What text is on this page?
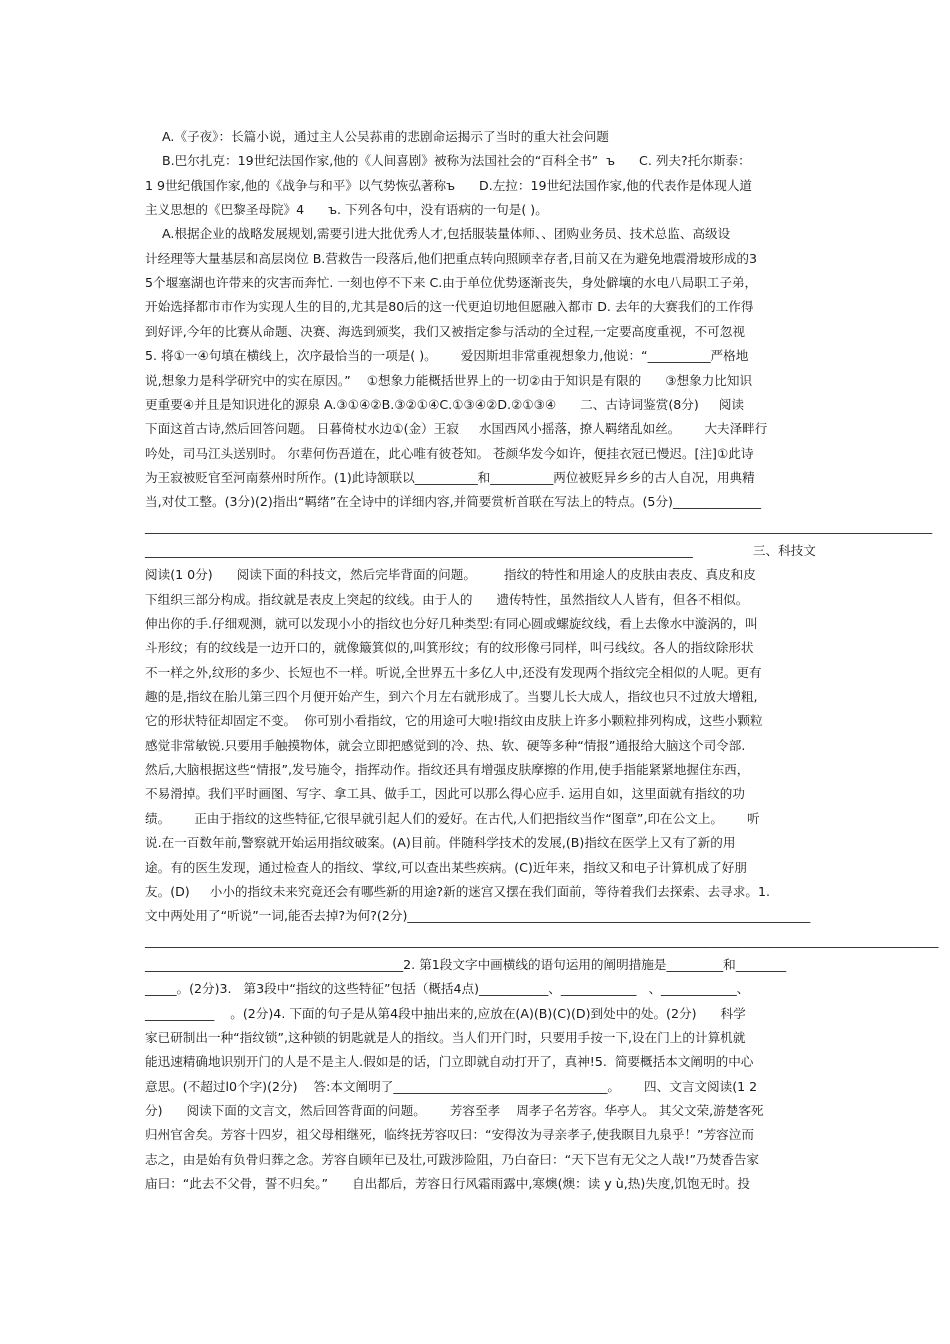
A.《子夜》：长篇小说，通过主人公吴荪甫的悲剧命运揭示了当时的重大社会问题
B.巴尔扎克：19世纪法国作家,他的《人间喜剧》被称为法国社会的“百科全书”  ъ      C. 列夫?托尔斯泰：
1 9世纪俄国作家,他的《战争与和平》以气势恢弘著称ъ      D.左拉：19世纪法国作家,他的代表作是体现人道
主义思想的《巴黎圣母院》4      ъ. 下列各句中，没有语病的一句是( )。
A.根据企业的战略发展规划,需要引进大批优秀人才,包括服装量体师、、团购业务员、技术总监、高级设
计经理等大量基层和高层岗位 B.营救告一段落后,他们把重点转向照顾幸存者,目前又在为避免地震滑坡形成的3
5个堰塞湖也许带来的灾害而奔忙. 一刻也停不下来 C.由于单位优势逐渐丧失，身处僻壤的水电八局职工子弟，
开始选择都市市作为实现人生的目的,尤其是80后的这一代更迫切地但愿融入都市 D. 去年的大赛我们的工作得
到好评,今年的比赛从命题、决赛、海选到颁奖，我们又被指定参与活动的全过程,一定要高度重视，不可忽视
5. 将①一④句填在横线上，次序最恰当的一项是( )。      爱因斯坦非常重视想象力,他说：“__________严格地
说,想象力是科学研究中的实在原因。”    ①想象力能概括世界上的一切②由于知识是有限的      ③想象力比知识
更重要④并且是知识进化的源泉 A.③①④②B.③②①④C.①③④②D.②①③④      二、古诗词鉴赏(8分)     阅读
下面这首古诗,然后回答问题。 日暮倚杖水边①(金）王寂     水国西风小摇落，撩人羁绪乱如丝。      大夫泽畔行
吟处，司马江头送别时。 尔辈何伤吾道在，此心唯有彼苍知。 苍颜华发今如许，便挂衣冠已慢迟。[注]①此诗
为王寂被贬官至河南蔡州时所作。(1)此诗颔联以__________和__________两位被贬异乡乡的古人自况，用典精
当,对仗工整。(3分)(2)指出“羁绪”在全诗中的详细内容,并简要赏析首联在写法上的特点。(5分)______________
_____________________________________________________________________________________________________________________________
_______________________________________________________________________________________               三、科技文
阅读(1 0分)      阅读下面的科技文，然后完毕背面的问题。       指纹的特性和用途人的皮肤由表皮、真皮和皮
下组织三部分构成。指纹就是表皮上突起的纹线。由于人的      遗传特性，虽然指纹人人皆有，但各不相似。
伸出你的手.仔细观测，就可以发现小小的指纹也分好几种类型:有同心圆或螺旋纹线，看上去像水中漩涡的，叫
斗形纹；有的纹线是一边开口的，就像簸箕似的,叫箕形纹；有的纹形像弓同样，叫弓线纹。各人的指纹除形状
不一样之外,纹形的多少、长短也不一样。听说,全世界五十多亿人中,还没有发现两个指纹完全相似的人呢。更有
趣的是,指纹在胎儿第三四个月便开始产生，到六个月左右就形成了。当婴儿长大成人，指纹也只不过放大增粗,
它的形状特征却固定不变。  你可别小看指纹，它的用途可大啦!指纹由皮肤上许多小颗粒排列构成，这些小颗粒
感觉非常敏锐.只要用手触摸物体，就会立即把感觉到的冷、热、软、硬等多种“情报”通报给大脑这个司令部.
然后,大脑根据这些“情报”,发号施令，指挥动作。指纹还具有增强皮肤摩擦的作用,使手指能紧紧地握住东西，
不易滑掉。我们平时画图、写字、拿工具、做手工，因此可以那么得心应手. 运用自如，这里面就有指纹的功
绩。      正由于指纹的这些特征,它很早就引起人们的爱好。在古代,人们把指纹当作“图章”,印在公文上。      听
说.在一百数年前,警察就开始运用指纹破案。(A)目前。伴随科学技术的发展,(B)指纹在医学上又有了新的用
途。有的医生发现，通过检查人的指纹、掌纹,可以查出某些疾病。(C)近年来，指纹又和电子计算机成了好朋
友。(D)     小小的指纹未来究竟还会有哪些新的用途?新的迷宫又摆在我们面前，等待着我们去探索、去寻求。1.
文中两处用了“听说”一词,能否去掉?为何?(2分)________________________________________________________________
______________________________________________________________________________________________________________________________
_________________________________________2. 第1段文字中画横线的语句运用的阐明措施是_________和________
_____。(2分)3.   第3段中“指纹的这些特征”包括（概括4点)___________、____________   、____________、
___________    。(2分)4. 下面的句子是从第4段中抽出来的,应放在(A)(B)(C)(D)到处中的处。(2分)      科学
家已研制出一种“指纹锁”,这种锁的钥匙就是人的指纹。当人们开门时，只要用手按一下,设在门上的计算机就
能迅速精确地识别开门的人是不是主人.假如是的话，门立即就自动打开了，真神!5.  简要概括本文阐明的中心
意思。(不超过l0个字)(2分)    答:本文阐明了__________________________________。      四、文言文阅读(1 2
分)      阅读下面的文言文，然后回答背面的问题。      芳容至孝    周孝子名芳容。华亭人。 其父文荣,游楚客死
归州官舍矣。芳容十四岁，祖父母相继死，临终抚芳容叹曰：“安得汝为寻亲孝子,使我瞑目九泉乎！”芳容泣而
志之，由是始有负骨归葬之念。芳容自顾年已及壮,可跋涉险阻，乃白奋曰：“天下岂有无父之人哉!”乃焚香告家
庙曰：“此去不父骨，誓不归矣。”      自出都后，芳容日行风霜雨露中,寒燠(燠：读 y ù,热)失度,饥饱无时。投
